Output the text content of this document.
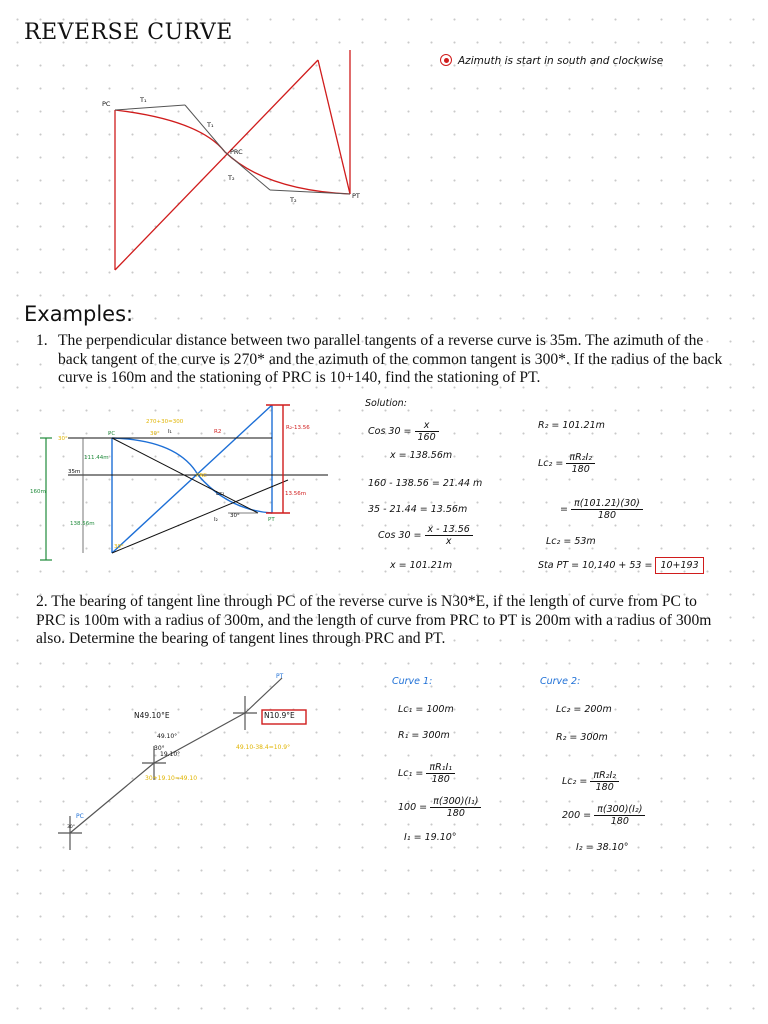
REVERSE CURVE
Azimuth is start in south and clockwise
PC	T₁
T₁
PRC
T₂
T₂	PT
Examples:
1. The perpendicular distance between two parallel tangents of a reverse curve is 35m. The azimuth of the back tangent of the curve is 270* and the azimuth of the common tangent is 300*. If the radius of the back curve is 160m and the stationing of PRC is 10+140, find the stationing of PT.
30°
PC
270+30=300
30° I₁	R2
R₂-13.56
35m
PRC
Lc₂	13.56m
I₂
30°
PT
111.44m
138.56m
30°
160m
Solution:
Cos $30 = \frac{x}{160}$
x = 138.56m
160 - 138.56 = 21.44 m
35 - 21.44 = 13.56m
Cos $30 = \frac{x - 13.56}{x}$
x = 101.21m
R₂ = 101.21m
$Lc_2 = \frac{\text{πR₂I₂}}{180}$
= $\frac{\pi(101.21)(30)}{180}$
Lc₂ = 53m
Sta PT = 10,140 + 53 = 10+193
2. The bearing of tangent line through PC of the reverse curve is N30*E, if the length of curve from PC to PRC is 100m with a radius of 300m, and the length of curve from PRC to PT is 200m with a radius of 300m also. Determine the bearing of tangent lines through PRC and PT.
PT
N49.10°E	N10.9°E
49.10°
30°
19.10°
49.10-38.4=10.9°
30+19.10=49.10
PC
30°
Curve 1:
Lc₁ = 100m
R₁ = 300m
$Lc_1 = \frac{\text{πR₁I₁}}{180}$
$100 = \frac{\text{π(300)(I₁)}}{180}$
I₁ = 19.10°
Curve 2:
Lc₂ = 200m
R₂ = 300m
$Lc_2 = \frac{\text{πR₂I₂}}{180}$
$200 = \frac{\text{π(300)(I₂)}}{180}$
I₂ = 38.10°
